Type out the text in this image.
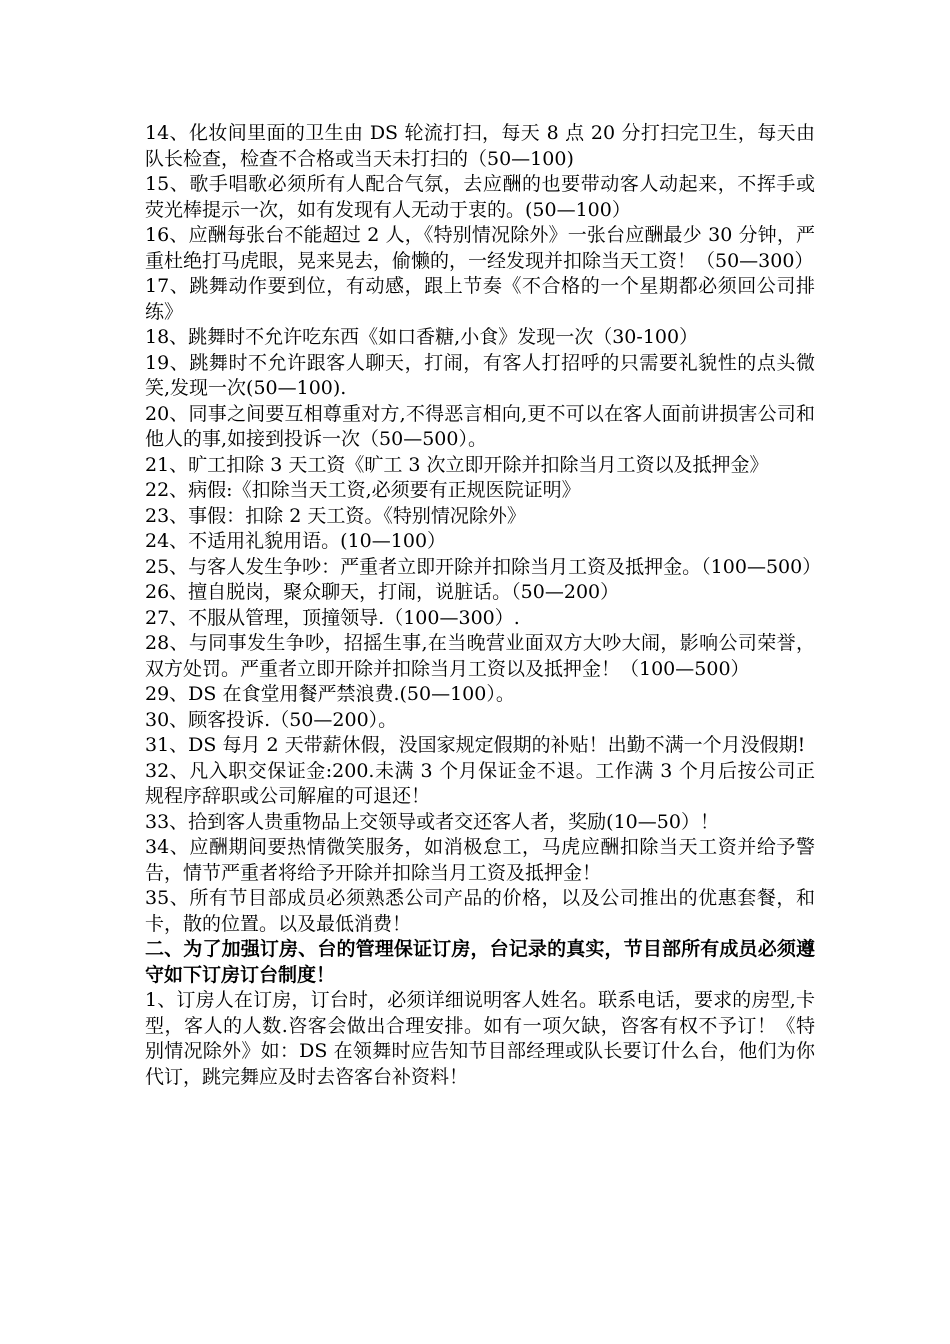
14、化妆间里面的卫生由 DS 轮流打扫，每天 8 点 20 分打扫完卫生，每天由队长检查，检查不合格或当天未打扫的（50—100)

15、歌手唱歌必须所有人配合气氛，去应酬的也要带动客人动起来，不挥手或荧光棒提示一次，如有发现有人无动于衷的。(50—100）

16、应酬每张台不能超过 2 人，《特别情况除外》一张台应酬最少 30 分钟，严重杜绝打马虎眼，晃来晃去，偷懒的，一经发现并扣除当天工资！（50—300）

17、跳舞动作要到位，有动感，跟上节奏《不合格的一个星期都必须回公司排练》

18、跳舞时不允许吃东西《如口香糖,小食》发现一次（30-100）

19、跳舞时不允许跟客人聊天，打闹，有客人打招呼的只需要礼貌性的点头微笑,发现一次(50—100).

20、同事之间要互相尊重对方,不得恶言相向,更不可以在客人面前讲损害公司和他人的事,如接到投诉一次（50—500）。

21、旷工扣除 3 天工资《旷工 3 次立即开除并扣除当月工资以及抵押金》

22、病假:《扣除当天工资,必须要有正规医院证明》

23、事假：扣除 2 天工资。《特别情况除外》

24、不适用礼貌用语。(10—100）

25、与客人发生争吵：严重者立即开除并扣除当月工资及抵押金。（100—500）

26、擅自脱岗，聚众聊天，打闹，说脏话。（50—200）

27、不服从管理，顶撞领导.（100—300）.

28、与同事发生争吵，招摇生事,在当晚营业面双方大吵大闹，影响公司荣誉，双方处罚。严重者立即开除并扣除当月工资以及抵押金！（100—500）

29、DS 在食堂用餐严禁浪费.(50—100）。

30、顾客投诉.（50—200）。

31、DS 每月 2 天带薪休假，没国家规定假期的补贴！出勤不满一个月没假期!

32、凡入职交保证金:200.未满 3 个月保证金不退。工作满 3 个月后按公司正规程序辞职或公司解雇的可退还！

33、拾到客人贵重物品上交领导或者交还客人者，奖励(10—50）！

34、应酬期间要热情微笑服务，如消极怠工，马虎应酬扣除当天工资并给予警告，情节严重者将给予开除并扣除当月工资及抵押金！

35、所有节目部成员必须熟悉公司产品的价格，以及公司推出的优惠套餐，和卡，散的位置。以及最低消费！

二、为了加强订房、台的管理保证订房，台记录的真实，节目部所有成员必须遵守如下订房订台制度！

1、订房人在订房，订台时，必须详细说明客人姓名。联系电话，要求的房型,卡型，客人的人数.咨客会做出合理安排。如有一项欠缺，咨客有权不予订！《特别情况除外》如：DS 在领舞时应告知节目部经理或队长要订什么台，他们为你代订，跳完舞应及时去咨客台补资料！
